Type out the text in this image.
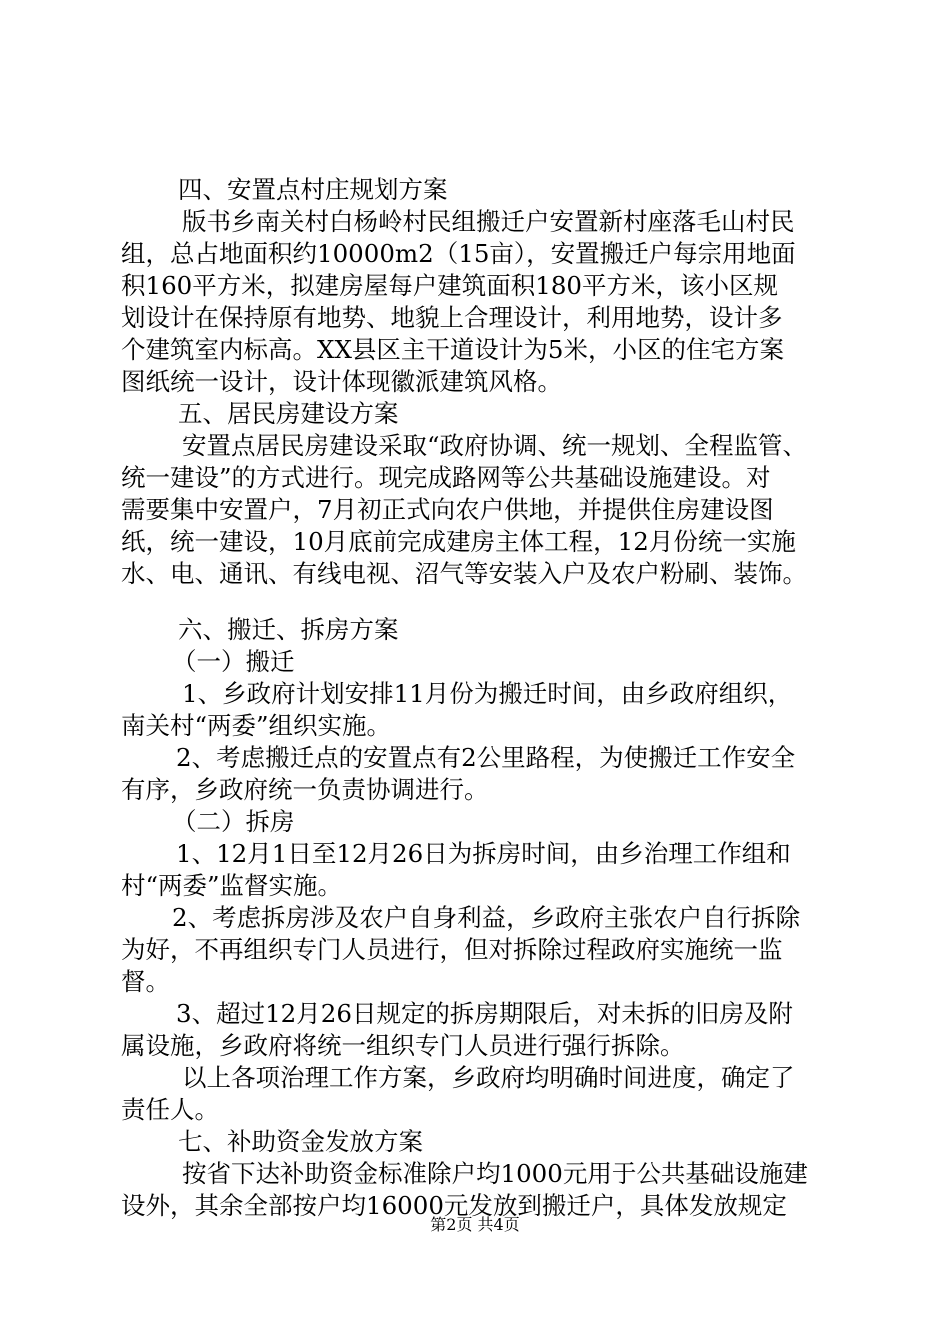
四、安置点村庄规划方案
版书乡南关村白杨岭村民组搬迁户安置新村座落毛山村民
组，总占地面积约10000m2（15亩），安置搬迁户每宗用地面
积160平方米，拟建房屋每户建筑面积180平方米，该小区规
划设计在保持原有地势、地貌上合理设计，利用地势，设计多
个建筑室内标高。XX县区主干道设计为5米，小区的住宅方案
图纸统一设计，设计体现徽派建筑风格。
五、居民房建设方案
安置点居民房建设采取“政府协调、统一规划、全程监管、
统一建设”的方式进行。现完成路网等公共基础设施建设。对
需要集中安置户，7月初正式向农户供地，并提供住房建设图
纸，统一建设，10月底前完成建房主体工程，12月份统一实施
水、电、通讯、有线电视、沼气等安装入户及农户粉刷、装饰。
六、搬迁、拆房方案
（一）搬迁
1、乡政府计划安排11月份为搬迁时间，由乡政府组织，
南关村“两委”组织实施。
2、考虑搬迁点的安置点有2公里路程，为使搬迁工作安全
有序，乡政府统一负责协调进行。
（二）拆房
1、12月1日至12月26日为拆房时间，由乡治理工作组和
村“两委”监督实施。
2、考虑拆房涉及农户自身利益，乡政府主张农户自行拆除
为好，不再组织专门人员进行，但对拆除过程政府实施统一监
督。
3、超过12月26日规定的拆房期限后，对未拆的旧房及附
属设施，乡政府将统一组织专门人员进行强行拆除。
以上各项治理工作方案，乡政府均明确时间进度，确定了
责任人。
七、补助资金发放方案
按省下达补助资金标准除户均1000元用于公共基础设施建
设外，其余全部按户均16000元发放到搬迁户，具体发放规定
第2页 共4页
